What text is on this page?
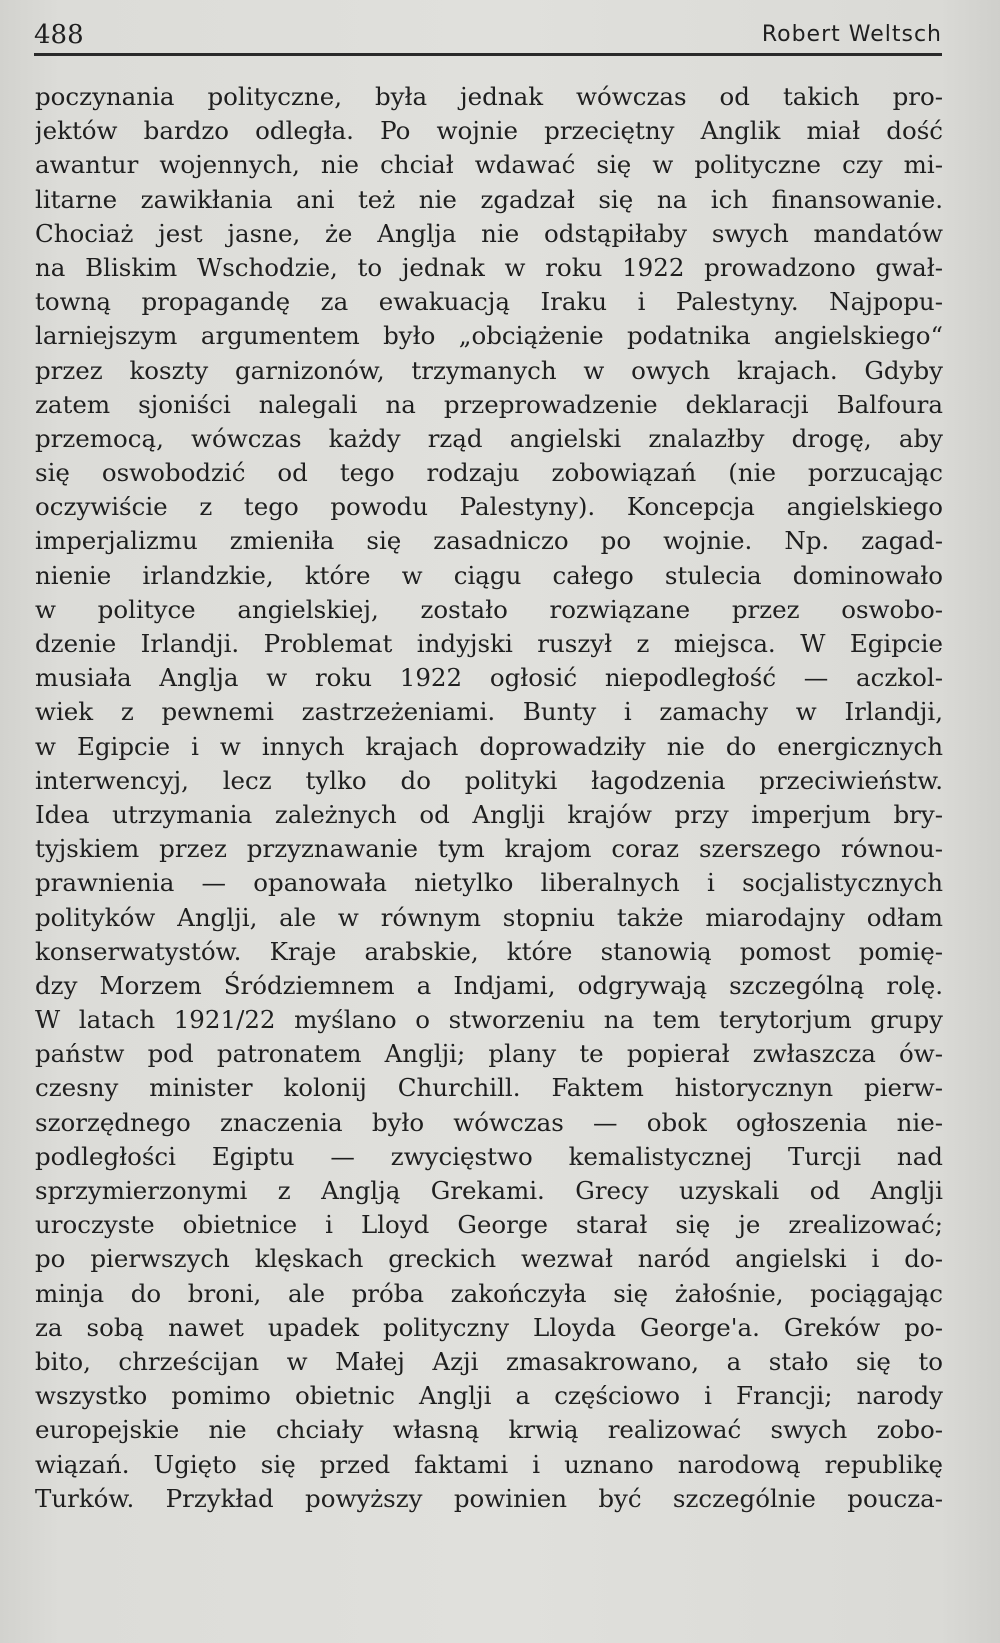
488	Robert Weltsch
poczynania polityczne, była jednak wówczas od takich pro-
jektów bardzo odległa. Po wojnie przeciętny Anglik miał dość
awantur wojennych, nie chciał wdawać się w polityczne czy mi-
litarne zawikłania ani też nie zgadzał się na ich finansowanie.
Chociaż jest jasne, że Anglja nie odstąpiłaby swych mandatów
na Bliskim Wschodzie, to jednak w roku 1922 prowadzono gwał-
towną propagandę za ewakuacją Iraku i Palestyny. Najpopu-
larniejszym argumentem było „obciążenie podatnika angielskiego“
przez koszty garnizonów, trzymanych w owych krajach. Gdyby
zatem sjoniści nalegali na przeprowadzenie deklaracji Balfoura
przemocą, wówczas każdy rząd angielski znalazłby drogę, aby
się oswobodzić od tego rodzaju zobowiązań (nie porzucając
oczywiście z tego powodu Palestyny). Koncepcja angielskiego
imperjalizmu zmieniła się zasadniczo po wojnie. Np. zagad-
nienie irlandzkie, które w ciągu całego stulecia dominowało
w polityce angielskiej, zostało rozwiązane przez oswobo-
dzenie Irlandji. Problemat indyjski ruszył z miejsca. W Egipcie
musiała Anglja w roku 1922 ogłosić niepodległość — aczkol-
wiek z pewnemi zastrzeżeniami. Bunty i zamachy w Irlandji,
w Egipcie i w innych krajach doprowadziły nie do energicznych
interwencyj, lecz tylko do polityki łagodzenia przeciwieństw.
Idea utrzymania zależnych od Anglji krajów przy imperjum bry-
tyjskiem przez przyznawanie tym krajom coraz szerszego równou-
prawnienia — opanowała nietylko liberalnych i socjalistycznych
polityków Anglji, ale w równym stopniu także miarodajny odłam
konserwatystów. Kraje arabskie, które stanowią pomost pomię-
dzy Morzem Śródziemnem a Indjami, odgrywają szczególną rolę.
W latach 1921/22 myślano o stworzeniu na tem terytorjum grupy
państw pod patronatem Anglji; plany te popierał zwłaszcza ów-
czesny minister kolonij Churchill. Faktem historycznyn pierw-
szorzędnego znaczenia było wówczas — obok ogłoszenia nie-
podległości Egiptu — zwycięstwo kemalistycznej Turcji nad
sprzymierzonymi z Anglją Grekami. Grecy uzyskali od Anglji
uroczyste obietnice i Lloyd George starał się je zrealizować;
po pierwszych klęskach greckich wezwał naród angielski i do-
minja do broni, ale próba zakończyła się żałośnie, pociągając
za sobą nawet upadek polityczny Lloyda George'a. Greków po-
bito, chrześcijan w Małej Azji zmasakrowano, a stało się to
wszystko pomimo obietnic Anglji a częściowo i Francji; narody
europejskie nie chciały własną krwią realizować swych zobo-
wiązań. Ugięto się przed faktami i uznano narodową republikę
Turków. Przykład powyższy powinien być szczególnie poucza-
